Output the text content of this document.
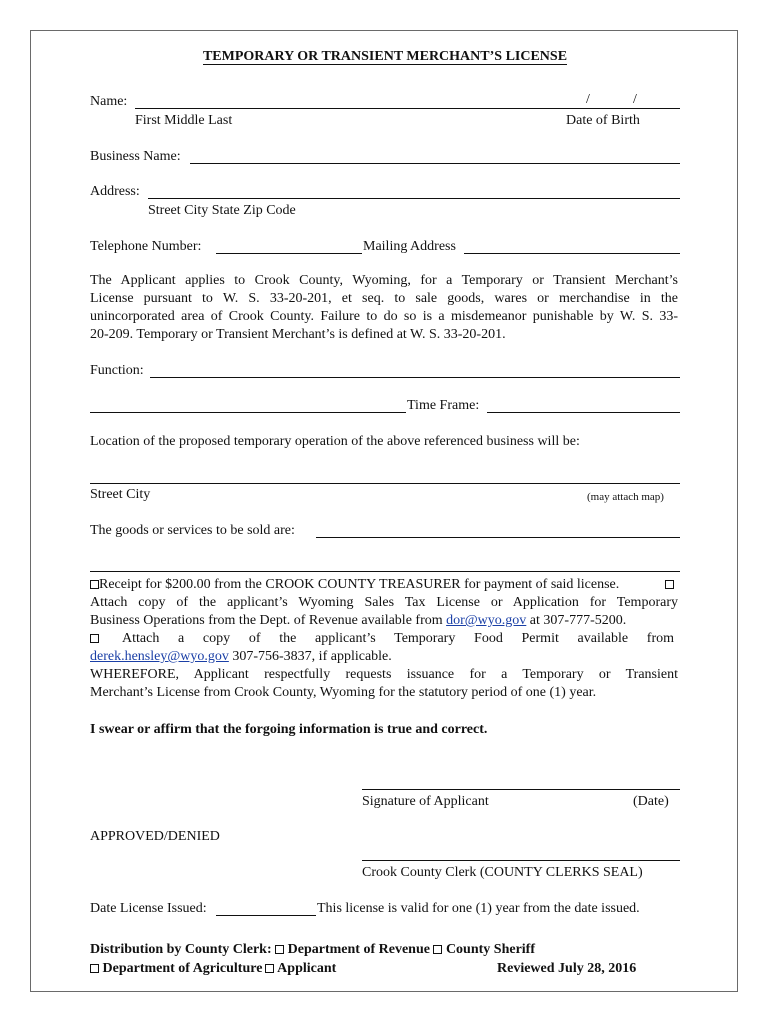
TEMPORARY OR TRANSIENT MERCHANT’S LICENSE
Name:	/	/
First Middle Last	Date of Birth
Business Name:
Address:
Street City State Zip Code
Telephone Number:	Mailing Address
The Applicant applies to Crook County, Wyoming, for a Temporary or Transient Merchant’s
License pursuant to W. S. 33-20-201, et seq. to sale goods, wares or merchandise in the
unincorporated area of Crook County. Failure to do so is a misdemeanor punishable by W. S. 33-
20-209. Temporary or Transient Merchant’s is defined at W. S. 33-20-201.
Function:
Time Frame:
Location of the proposed temporary operation of the above referenced business will be:
Street City	(may attach map)
The goods or services to be sold are:
Receipt for $200.00 from the CROOK COUNTY TREASURER for payment of said license.
Attach copy of the applicant’s Wyoming Sales Tax License or Application for Temporary
Business Operations from the Dept. of Revenue available from dor@wyo.gov at 307-777-5200.
Attach a copy of the applicant’s Temporary Food Permit available from
derek.hensley@wyo.gov 307-756-3837, if applicable.
WHEREFORE, Applicant respectfully requests issuance for a Temporary or Transient
Merchant’s License from Crook County, Wyoming for the statutory period of one (1) year.
I swear or affirm that the forgoing information is true and correct.
Signature of Applicant	(Date)
APPROVED/DENIED
Crook County Clerk (COUNTY CLERKS SEAL)
Date License Issued:	This license is valid for one (1) year from the date issued.
Distribution by County Clerk: Department of Revenue County Sheriff
Department of Agriculture Applicant	Reviewed July 28, 2016
